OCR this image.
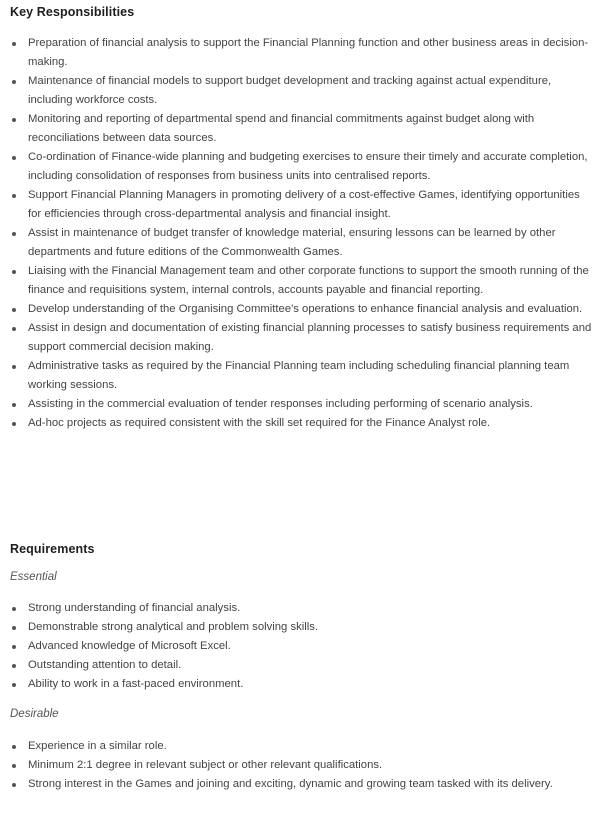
Key Responsibilities
Preparation of financial analysis to support the Financial Planning function and other business areas in decision-making.
Maintenance of financial models to support budget development and tracking against actual expenditure, including workforce costs.
Monitoring and reporting of departmental spend and financial commitments against budget along with reconciliations between data sources.
Co-ordination of Finance-wide planning and budgeting exercises to ensure their timely and accurate completion, including consolidation of responses from business units into centralised reports.
Support Financial Planning Managers in promoting delivery of a cost-effective Games, identifying opportunities for efficiencies through cross-departmental analysis and financial insight.
Assist in maintenance of budget transfer of knowledge material, ensuring lessons can be learned by other departments and future editions of the Commonwealth Games.
Liaising with the Financial Management team and other corporate functions to support the smooth running of the finance and requisitions system, internal controls, accounts payable and financial reporting.
Develop understanding of the Organising Committee's operations to enhance financial analysis and evaluation.
Assist in design and documentation of existing financial planning processes to satisfy business requirements and support commercial decision making.
Administrative tasks as required by the Financial Planning team including scheduling financial planning team working sessions.
Assisting in the commercial evaluation of tender responses including performing of scenario analysis.
Ad-hoc projects as required consistent with the skill set required for the Finance Analyst role.
Requirements
Essential
Strong understanding of financial analysis.
Demonstrable strong analytical and problem solving skills.
Advanced knowledge of Microsoft Excel.
Outstanding attention to detail.
Ability to work in a fast-paced environment.
Desirable
Experience in a similar role.
Minimum 2:1 degree in relevant subject or other relevant qualifications.
Strong interest in the Games and joining and exciting, dynamic and growing team tasked with its delivery.
